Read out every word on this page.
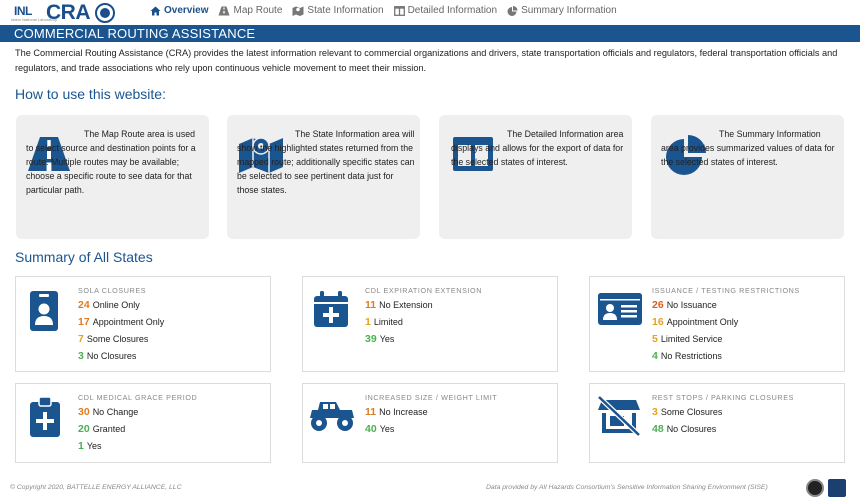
INL
Idaho National Laboratory
CRA	Overview	Map Route	State Information Detailed Information Summary Information
COMMERCIAL ROUTING ASSISTANCE

The Commercial Routing Assistance (CRA) provides the latest information relevant to commercial organizations and drivers, state transportation officials and regulators, federal transportation officials and regulators, and trade associations who rely upon continuous vehicle movement to meet their mission.

How to use this website:
The Map Route area is used to select source and destination points for a route. Multiple routes may be available; choose a specific route to see data for that particular path.
The State Information area will show the highlighted states returned from the mapped route; additionally specific states can be selected to see pertinent data just for those states.
The Detailed Information area displays and allows for the export of data for the selected states of interest.
The Summary Information area provides summarized values of data for the selected states of interest.
Summary of All States
SOLA CLOSURES
24 Online Only
17 Appointment Only
7 Some Closures
3 No Closures
CDL EXPIRATION EXTENSION
11 No Extension
1 Limited
39 Yes
ISSUANCE / TESTING RESTRICTIONS
26 No Issuance
16 Appointment Only
5 Limited Service
4 No Restrictions
CDL MEDICAL GRACE PERIOD
30 No Change
20 Granted
1 Yes
INCREASED SIZE / WEIGHT LIMIT
11 No Increase
40 Yes
REST STOPS / PARKING CLOSURES
3 Some Closures
48 No Closures
© Copyright 2020, BATTELLE ENERGY ALLIANCE, LLC	Data provided by All Hazards Consortium's Sensitive Information Sharing Environment (SISE)
